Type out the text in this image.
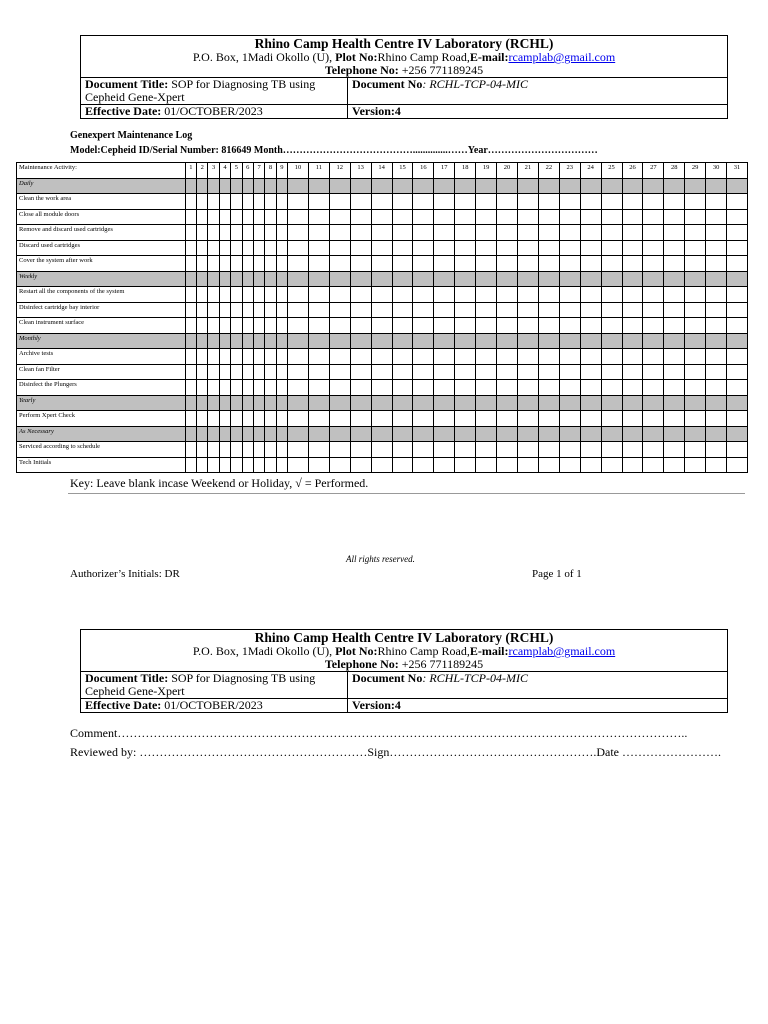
Rhino Camp Health Centre IV Laboratory (RCHL)
P.O. Box, 1Madi Okollo (U), Plot No:Rhino Camp Road,E-mail:rcamplab@gmail.com
Telephone No: +256 771189245	

Document Title: SOP for Diagnosing TB using Cepheid Gene-Xpert	Document No: RCHL-TCP-04-MIC
Effective Date: 01/OCTOBER/2023	Version:4
Genexpert Maintenance Log
Model:Cepheid ID/Serial Number: 816649 Month…………………………………..............……Year……………………………
Maintenance Activity:	1	2	3	4	5	6	7	8	9	10	11	12	13	14	15	16	17	18	19	20	21	22	23	24	25	26	27	28	29	30	31
Daily																															
Clean the work area																															
Close all module doors																															
Remove and discard used cartridges																															
Discard used cartridges																															
Cover the system after work																															
Weekly																															
Restart all the components of the system																															
Disinfect cartridge bay interior																															
Clean instrument surface																															
Monthly																															
Archive tests																															
Clean fan Filter																															
Disinfect the Plungers																															
Yearly																															
Perform Xpert Check																															
As Necessary																															
Serviced according to schedule																															
Tech Initials																															
Key: Leave blank incase Weekend or Holiday, √ = Performed.
All rights reserved.
Authorizer’s Initials: DR	Page 1 of 1
Rhino Camp Health Centre IV Laboratory (RCHL)
P.O. Box, 1Madi Okollo (U), Plot No:Rhino Camp Road,E-mail:rcamplab@gmail.com
Telephone No: +256 771189245	

Document Title: SOP for Diagnosing TB using Cepheid Gene-Xpert	Document No: RCHL-TCP-04-MIC
Effective Date: 01/OCTOBER/2023	Version:4
Comment……………………………………………………………………………………………………………………………..
Reviewed by: …………………………………………………Sign…………………………………………….Date …………………….
